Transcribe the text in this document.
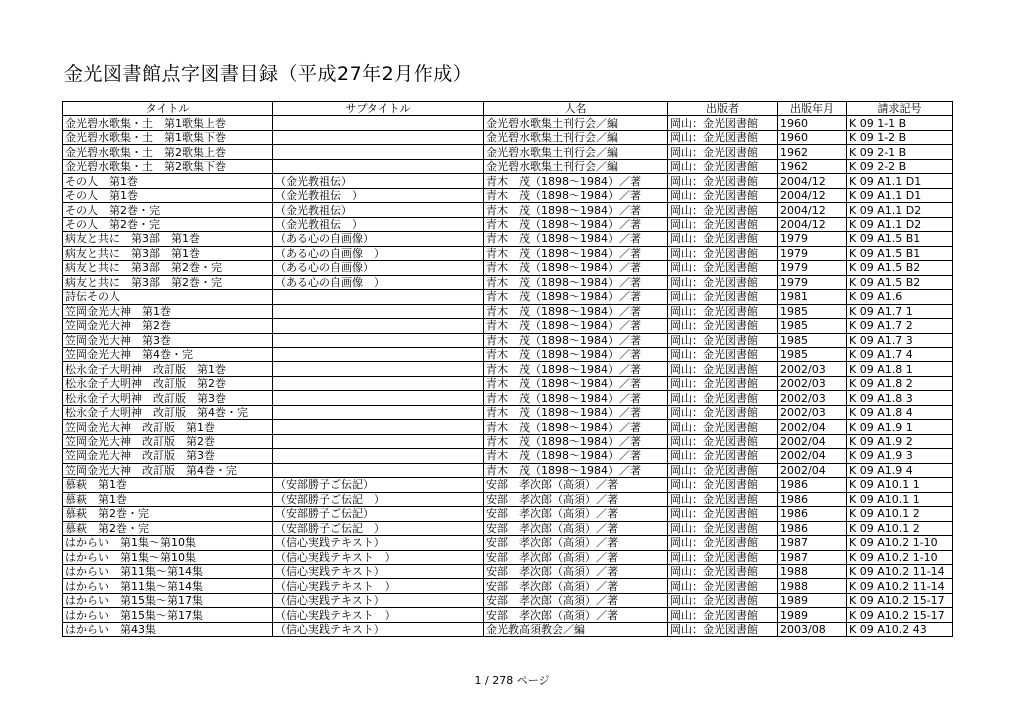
金光図書館点字図書目録（平成27年2月作成）
タイトル	サブタイトル	人名	出版者	出版年月	請求記号
金光碧水歌集・土　第1歌集上巻		金光碧水歌集土刊行会／編	岡山：金光図書館	1960	K 09 1-1 B
金光碧水歌集・土　第1歌集下巻		金光碧水歌集土刊行会／編	岡山：金光図書館	1960	K 09 1-2 B
金光碧水歌集・土　第2歌集上巻		金光碧水歌集土刊行会／編	岡山：金光図書館	1962	K 09 2-1 B
金光碧水歌集・土　第2歌集下巻		金光碧水歌集土刊行会／編	岡山：金光図書館	1962	K 09 2-2 B
その人　第1巻	（金光教祖伝）	青木　茂（1898～1984）／著	岡山：金光図書館	2004/12	K 09 A1.1 D1
その人　第1巻	（金光教祖伝　）	青木　茂（1898～1984）／著	岡山：金光図書館	2004/12	K 09 A1.1 D1
その人　第2巻・完	（金光教祖伝）	青木　茂（1898～1984）／著	岡山：金光図書館	2004/12	K 09 A1.1 D2
その人　第2巻・完	（金光教祖伝　）	青木　茂（1898～1984）／著	岡山：金光図書館	2004/12	K 09 A1.1 D2
病友と共に　第3部　第1巻	（ある心の自画像）	青木　茂（1898～1984）／著	岡山：金光図書館	1979	K 09 A1.5 B1
病友と共に　第3部　第1巻	（ある心の自画像　）	青木　茂（1898～1984）／著	岡山：金光図書館	1979	K 09 A1.5 B1
病友と共に　第3部　第2巻・完	（ある心の自画像）	青木　茂（1898～1984）／著	岡山：金光図書館	1979	K 09 A1.5 B2
病友と共に　第3部　第2巻・完	（ある心の自画像　）	青木　茂（1898～1984）／著	岡山：金光図書館	1979	K 09 A1.5 B2
詩伝その人		青木　茂（1898～1984）／著	岡山：金光図書館	1981	K 09 A1.6
笠岡金光大神　第1巻		青木　茂（1898～1984）／著	岡山：金光図書館	1985	K 09 A1.7 1
笠岡金光大神　第2巻		青木　茂（1898～1984）／著	岡山：金光図書館	1985	K 09 A1.7 2
笠岡金光大神　第3巻		青木　茂（1898～1984）／著	岡山：金光図書館	1985	K 09 A1.7 3
笠岡金光大神　第4巻・完		青木　茂（1898～1984）／著	岡山：金光図書館	1985	K 09 A1.7 4
松永金子大明神　改訂版　第1巻		青木　茂（1898～1984）／著	岡山：金光図書館	2002/03	K 09 A1.8 1
松永金子大明神　改訂版　第2巻		青木　茂（1898～1984）／著	岡山：金光図書館	2002/03	K 09 A1.8 2
松永金子大明神　改訂版　第3巻		青木　茂（1898～1984）／著	岡山：金光図書館	2002/03	K 09 A1.8 3
松永金子大明神　改訂版　第4巻・完		青木　茂（1898～1984）／著	岡山：金光図書館	2002/03	K 09 A1.8 4
笠岡金光大神　改訂版　第1巻		青木　茂（1898～1984）／著	岡山：金光図書館	2002/04	K 09 A1.9 1
笠岡金光大神　改訂版　第2巻		青木　茂（1898～1984）／著	岡山：金光図書館	2002/04	K 09 A1.9 2
笠岡金光大神　改訂版　第3巻		青木　茂（1898～1984）／著	岡山：金光図書館	2002/04	K 09 A1.9 3
笠岡金光大神　改訂版　第4巻・完		青木　茂（1898～1984）／著	岡山：金光図書館	2002/04	K 09 A1.9 4
慕萩　第1巻	（安部勝子ご伝記）	安部　孝次郎（高須）／著	岡山：金光図書館	1986	K 09 A10.1 1
慕萩　第1巻	（安部勝子ご伝記　）	安部　孝次郎（高須）／著	岡山：金光図書館	1986	K 09 A10.1 1
慕萩　第2巻・完	（安部勝子ご伝記）	安部　孝次郎（高須）／著	岡山：金光図書館	1986	K 09 A10.1 2
慕萩　第2巻・完	（安部勝子ご伝記　）	安部　孝次郎（高須）／著	岡山：金光図書館	1986	K 09 A10.1 2
はからい　第1集～第10集	（信心実践テキスト）	安部　孝次郎（高須）／著	岡山：金光図書館	1987	K 09 A10.2 1-10
はからい　第1集～第10集	（信心実践テキスト　）	安部　孝次郎（高須）／著	岡山：金光図書館	1987	K 09 A10.2 1-10
はからい　第11集～第14集	（信心実践テキスト）	安部　孝次郎（高須）／著	岡山：金光図書館	1988	K 09 A10.2 11-14
はからい　第11集～第14集	（信心実践テキスト　）	安部　孝次郎（高須）／著	岡山：金光図書館	1988	K 09 A10.2 11-14
はからい　第15集～第17集	（信心実践テキスト）	安部　孝次郎（高須）／著	岡山：金光図書館	1989	K 09 A10.2 15-17
はからい　第15集～第17集	（信心実践テキスト　）	安部　孝次郎（高須）／著	岡山：金光図書館	1989	K 09 A10.2 15-17
はからい　第43集	（信心実践テキスト）	金光教高須教会／編	岡山：金光図書館	2003/08	K 09 A10.2 43
1 / 278 ページ
